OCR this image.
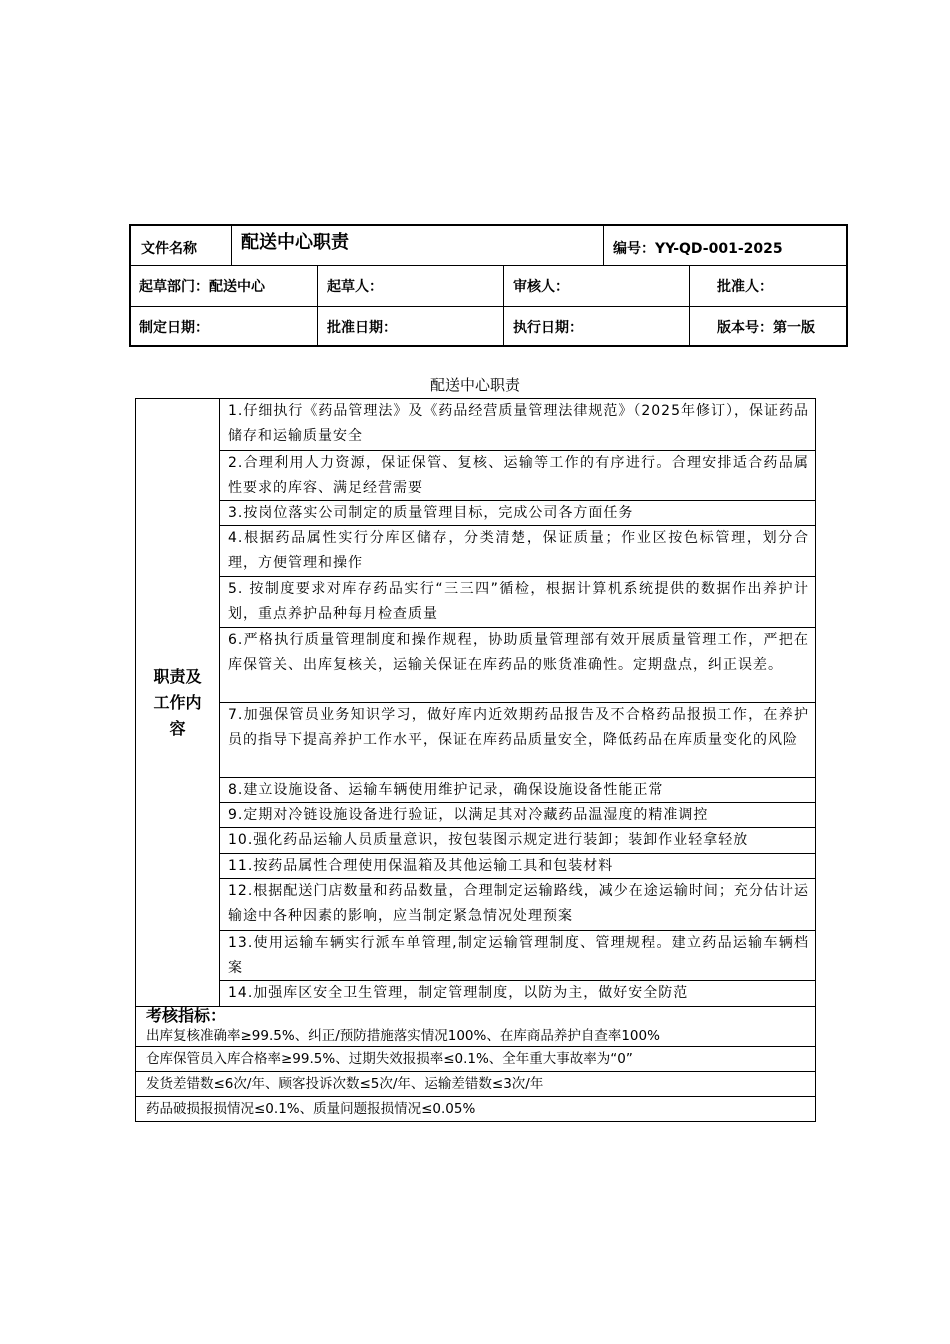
文件名称 配送中心职责	编号：YY-QD-001-2025
起草部门：配送中心	起草人：	审核人：	批准人：
制定日期：	批准日期：	执行日期：	版本号：第一版
配送中心职责
职责及工作内容
1.仔细执行《药品管理法》及《药品经营质量管理法律规范》（2025年修订），保证药品储存和运输质量安全
2.合理利用人力资源，保证保管、复核、运输等工作的有序进行。合理安排适合药品属性要求的库容、满足经营需要
3.按岗位落实公司制定的质量管理目标，完成公司各方面任务
4.根据药品属性实行分库区储存，分类清楚，保证质量；作业区按色标管理，划分合理，方便管理和操作
5. 按制度要求对库存药品实行“三三四”循检，根据计算机系统提供的数据作出养护计划，重点养护品种每月检查质量
6.严格执行质量管理制度和操作规程，协助质量管理部有效开展质量管理工作，严把在库保管关、出库复核关，运输关保证在库药品的账货准确性。定期盘点，纠正误差。
7.加强保管员业务知识学习，做好库内近效期药品报告及不合格药品报损工作，在养护员的指导下提高养护工作水平，保证在库药品质量安全，降低药品在库质量变化的风险
8.建立设施设备、运输车辆使用维护记录，确保设施设备性能正常
9.定期对冷链设施设备进行验证，以满足其对冷藏药品温湿度的精准调控
10.强化药品运输人员质量意识，按包装图示规定进行装卸；装卸作业轻拿轻放
11.按药品属性合理使用保温箱及其他运输工具和包装材料
12.根据配送门店数量和药品数量，合理制定运输路线，减少在途运输时间；充分估计运输途中各种因素的影响，应当制定紧急情况处理预案
13.使用运输车辆实行派车单管理,制定运输管理制度、管理规程。建立药品运输车辆档案
14.加强库区安全卫生管理，制定管理制度，以防为主，做好安全防范
考核指标：
出库复核准确率≥99.5%、纠正/预防措施落实情况100%、在库商品养护自查率100%
仓库保管员入库合格率≥99.5%、过期失效报损率≤0.1%、全年重大事故率为“0”
发货差错数≤6次/年、顾客投诉次数≤5次/年、运输差错数≤3次/年
药品破损报损情况≤0.1%、质量问题报损情况≤0.05%
